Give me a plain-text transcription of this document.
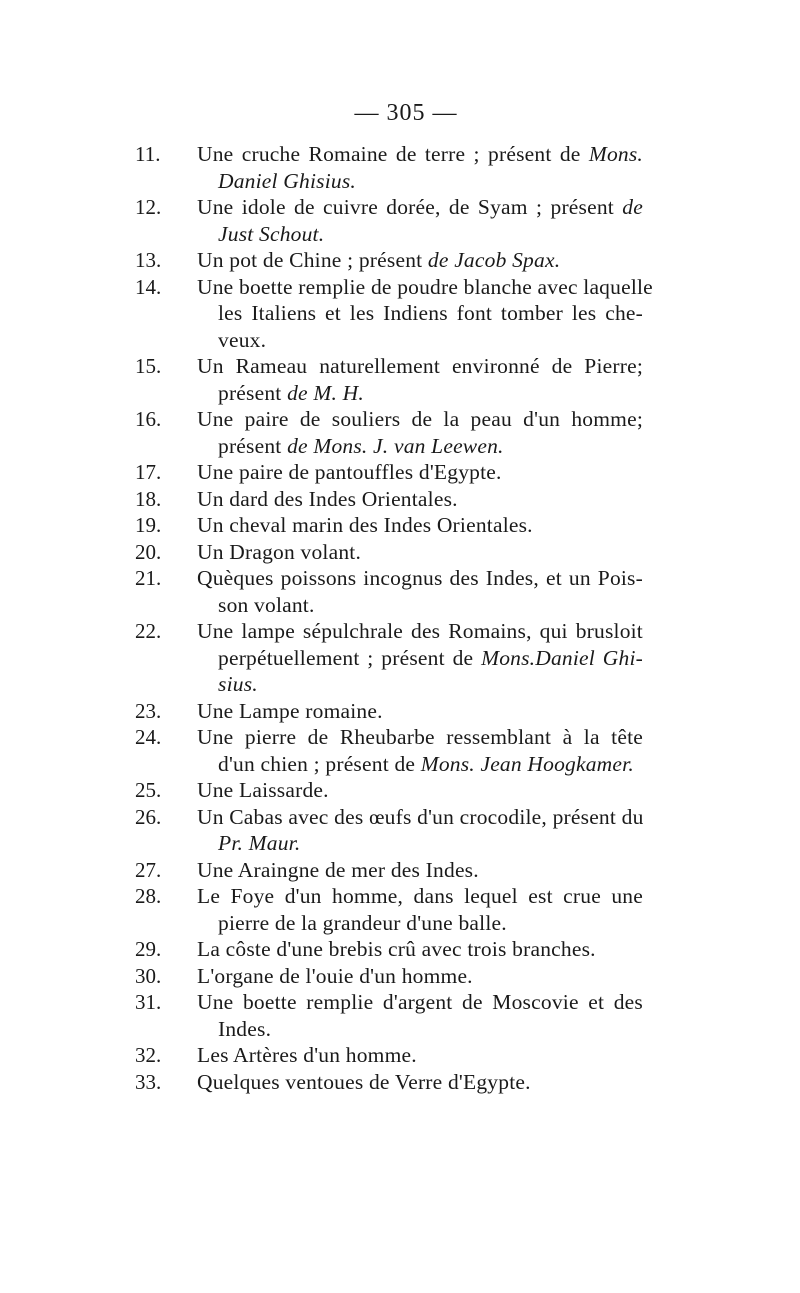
— 305 —
11.	Une cruche Romaine de terre ; présent de Mons.
Daniel Ghisius.
12.	Une idole de cuivre dorée, de Syam ; présent de
Just Schout.
13.	Un pot de Chine ; présent de Jacob Spax.
14.	Une boette remplie de poudre blanche avec laquelle
les Italiens et les Indiens font tomber les che-
veux.
15.	Un Rameau naturellement environné de Pierre;
présent de M. H.
16.	Une paire de souliers de la peau d'un homme;
présent de Mons. J. van Leewen.
17.	Une paire de pantouffles d'Egypte.
18.	Un dard des Indes Orientales.
19.	Un cheval marin des Indes Orientales.
20.	Un Dragon volant.
21.	Quèques poissons incognus des Indes, et un Pois-
son volant.
22.	Une lampe sépulchrale des Romains, qui brusloit
perpétuellement ; présent de Mons.Daniel Ghi-
sius.
23.	Une Lampe romaine.
24.	Une pierre de Rheubarbe ressemblant à la tête
d'un chien ; présent de Mons. Jean Hoogkamer.
25.	Une Laissarde.
26.	Un Cabas avec des œufs d'un crocodile, présent du
Pr. Maur.
27.	Une Araingne de mer des Indes.
28.	Le Foye d'un homme, dans lequel est crue une
pierre de la grandeur d'une balle.
29.	La côste d'une brebis crû avec trois branches.
30.	L'organe de l'ouie d'un homme.
31.	Une boette remplie d'argent de Moscovie et des
Indes.
32.	Les Artères d'un homme.
33.	Quelques ventoues de Verre d'Egypte.
